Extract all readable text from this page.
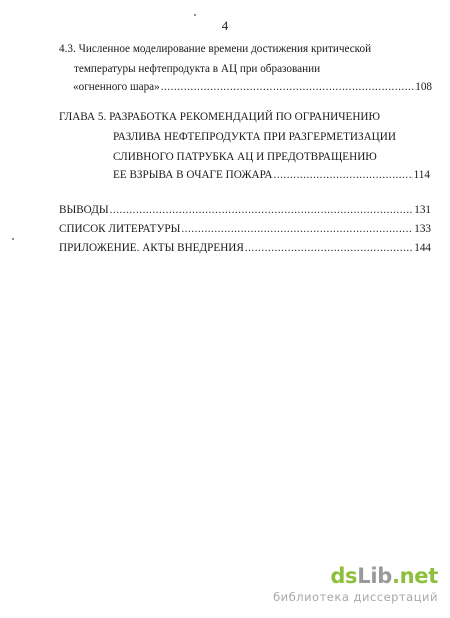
4
4.3. Численное моделирование времени достижения критической
температуры нефтепродукта в АЦ при образовании
«огненного шара» .....	108
ГЛАВА 5. РАЗРАБОТКА РЕКОМЕНДАЦИЙ ПО ОГРАНИЧЕНИЮ
РАЗЛИВА НЕФТЕПРОДУКТА ПРИ РАЗГЕРМЕТИЗАЦИИ
СЛИВНОГО ПАТРУБКА АЦ И ПРЕДОТВРАЩЕНИЮ
ЕЕ ВЗРЫВА В ОЧАГЕ ПОЖАРА .....	114
ВЫВОДЫ .....	131
СПИСОК ЛИТЕРАТУРЫ .....	133
ПРИЛОЖЕНИЕ. АКТЫ ВНЕДРЕНИЯ .....	144
dsLib.net
библиотека диссертаций
